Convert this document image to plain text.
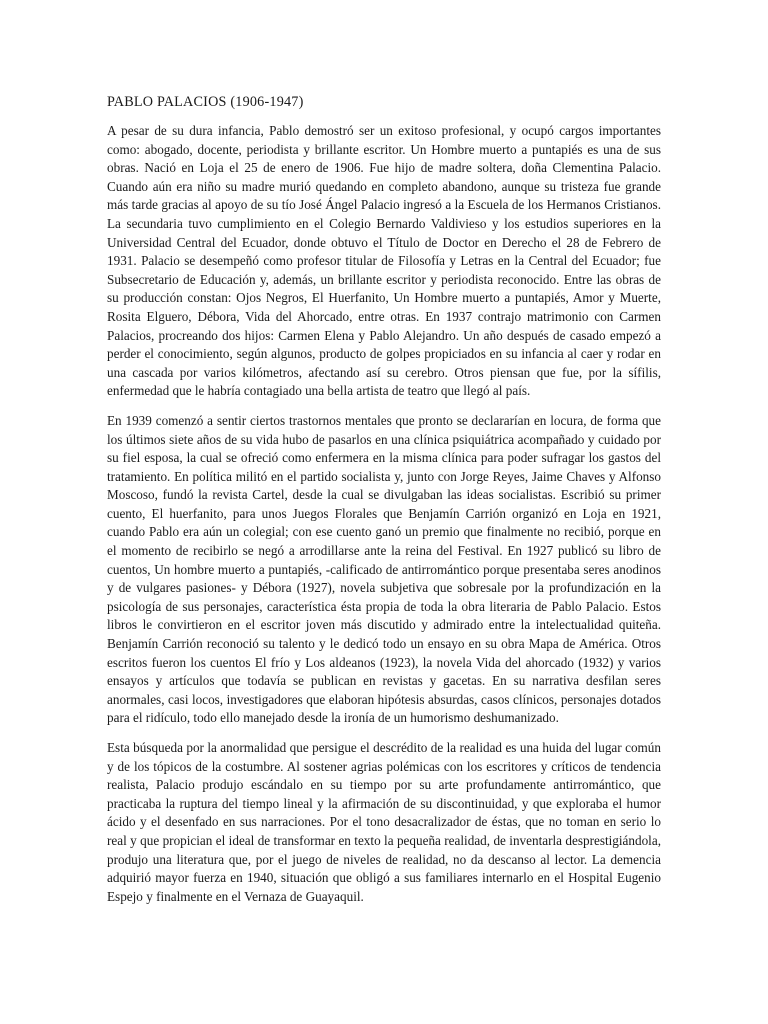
PABLO PALACIOS (1906-1947)

A pesar de su dura infancia, Pablo demostró ser un exitoso profesional, y ocupó cargos importantes como: abogado, docente, periodista y brillante escritor. Un Hombre muerto a puntapiés es una de sus obras. Nació en Loja el 25 de enero de 1906. Fue hijo de madre soltera, doña Clementina Palacio. Cuando aún era niño su madre murió quedando en completo abandono, aunque su tristeza fue grande más tarde gracias al apoyo de su tío José Ángel Palacio ingresó a la Escuela de los Hermanos Cristianos. La secundaria tuvo cumplimiento en el Colegio Bernardo Valdivieso y los estudios superiores en la Universidad Central del Ecuador, donde obtuvo el Título de Doctor en Derecho el 28 de Febrero de 1931. Palacio se desempeñó como profesor titular de Filosofía y Letras en la Central del Ecuador; fue Subsecretario de Educación y, además, un brillante escritor y periodista reconocido. Entre las obras de su producción constan: Ojos Negros, El Huerfanito, Un Hombre muerto a puntapiés, Amor y Muerte, Rosita Elguero, Débora, Vida del Ahorcado, entre otras. En 1937 contrajo matrimonio con Carmen Palacios, procreando dos hijos: Carmen Elena y Pablo Alejandro. Un año después de casado empezó a perder el conocimiento, según algunos, producto de golpes propiciados en su infancia al caer y rodar en una cascada por varios kilómetros, afectando así su cerebro. Otros piensan que fue, por la sífilis, enfermedad que le habría contagiado una bella artista de teatro que llegó al país.

En 1939 comenzó a sentir ciertos trastornos mentales que pronto se declararían en locura, de forma que los últimos siete años de su vida hubo de pasarlos en una clínica psiquiátrica acompañado y cuidado por su fiel esposa, la cual se ofreció como enfermera en la misma clínica para poder sufragar los gastos del tratamiento. En política militó en el partido socialista y, junto con Jorge Reyes, Jaime Chaves y Alfonso Moscoso, fundó la revista Cartel, desde la cual se divulgaban las ideas socialistas. Escribió su primer cuento, El huerfanito, para unos Juegos Florales que Benjamín Carrión organizó en Loja en 1921, cuando Pablo era aún un colegial; con ese cuento ganó un premio que finalmente no recibió, porque en el momento de recibirlo se negó a arrodillarse ante la reina del Festival. En 1927 publicó su libro de cuentos, Un hombre muerto a puntapiés, -calificado de antirromántico porque presentaba seres anodinos y de vulgares pasiones- y Débora (1927), novela subjetiva que sobresale por la profundización en la psicología de sus personajes, característica ésta propia de toda la obra literaria de Pablo Palacio. Estos libros le convirtieron en el escritor joven más discutido y admirado entre la intelectualidad quiteña. Benjamín Carrión reconoció su talento y le dedicó todo un ensayo en su obra Mapa de América. Otros escritos fueron los cuentos El frío y Los aldeanos (1923), la novela Vida del ahorcado (1932) y varios ensayos y artículos que todavía se publican en revistas y gacetas. En su narrativa desfilan seres anormales, casi locos, investigadores que elaboran hipótesis absurdas, casos clínicos, personajes dotados para el ridículo, todo ello manejado desde la ironía de un humorismo deshumanizado.

Esta búsqueda por la anormalidad que persigue el descrédito de la realidad es una huida del lugar común y de los tópicos de la costumbre. Al sostener agrias polémicas con los escritores y críticos de tendencia realista, Palacio produjo escándalo en su tiempo por su arte profundamente antirromántico, que practicaba la ruptura del tiempo lineal y la afirmación de su discontinuidad, y que exploraba el humor ácido y el desenfado en sus narraciones. Por el tono desacralizador de éstas, que no toman en serio lo real y que propician el ideal de transformar en texto la pequeña realidad, de inventarla desprestigiándola, produjo una literatura que, por el juego de niveles de realidad, no da descanso al lector. La demencia adquirió mayor fuerza en 1940, situación que obligó a sus familiares internarlo en el Hospital Eugenio Espejo y finalmente en el Vernaza de Guayaquil.
